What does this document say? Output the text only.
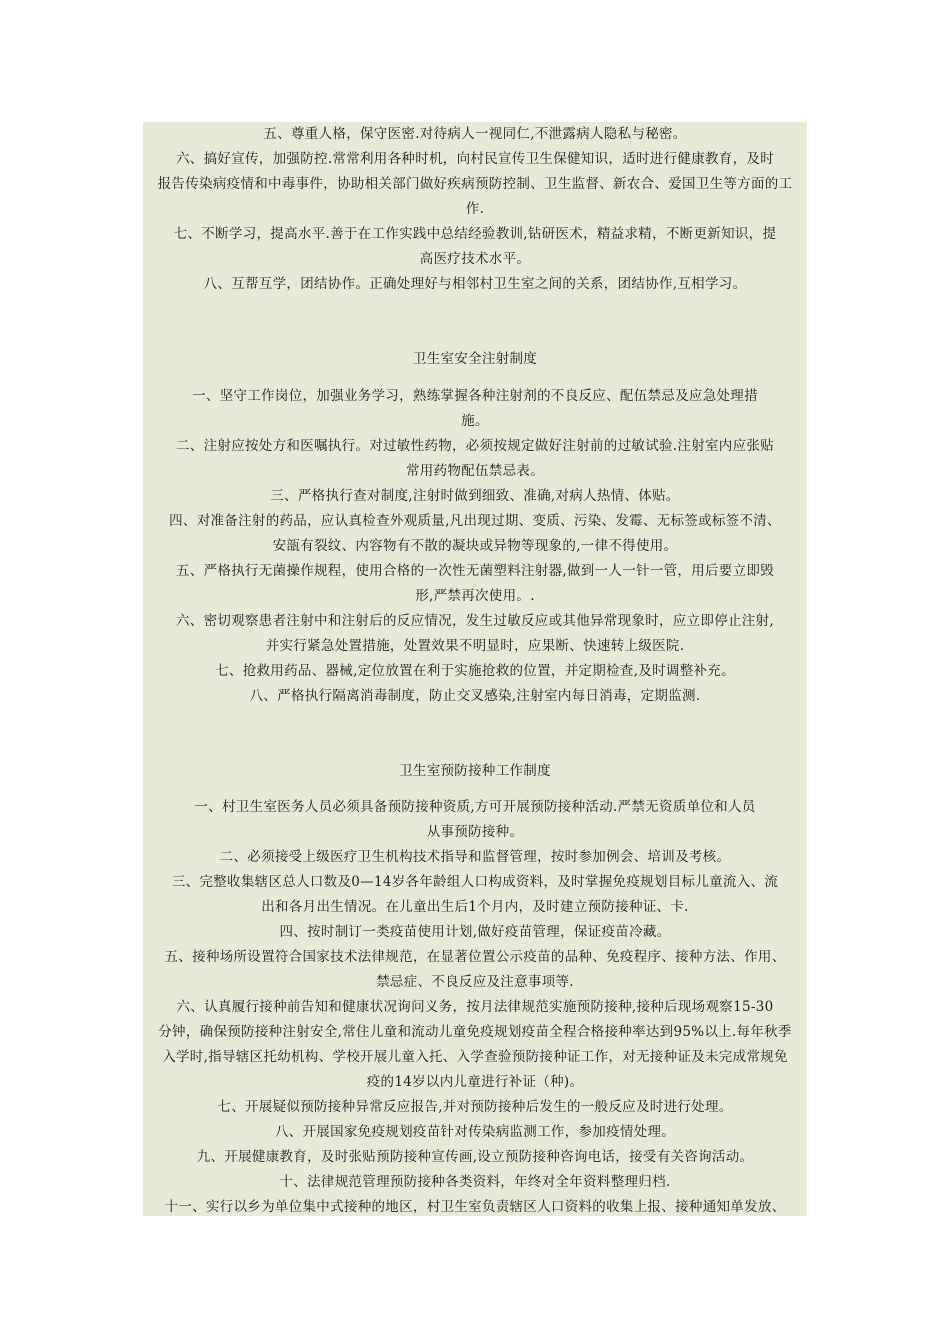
五、尊重人格，保守医密.对待病人一视同仁,不泄露病人隐私与秘密。

六、搞好宣传，加强防控.常常利用各种时机，向村民宣传卫生保健知识，适时进行健康教育，及时

报告传染病疫情和中毒事件，协助相关部门做好疾病预防控制、卫生监督、新农合、爱国卫生等方面的工

作.

七、不断学习，提高水平.善于在工作实践中总结经验教训,钻研医术，精益求精，不断更新知识，提

高医疗技术水平。

八、互帮互学，团结协作。正确处理好与相邻村卫生室之间的关系，团结协作,互相学习。

卫生室安全注射制度

一、坚守工作岗位，加强业务学习，熟练掌握各种注射剂的不良反应、配伍禁忌及应急处理措

施。

二、注射应按处方和医嘱执行。对过敏性药物，必须按规定做好注射前的过敏试验.注射室内应张贴

常用药物配伍禁忌表。

三、严格执行查对制度,注射时做到细致、准确,对病人热情、体贴。

四、对准备注射的药品，应认真检查外观质量,凡出现过期、变质、污染、发霉、无标签或标签不清、

安瓿有裂纹、内容物有不散的凝块或异物等现象的,一律不得使用。

五、严格执行无菌操作规程，使用合格的一次性无菌塑料注射器,做到一人一针一管，用后要立即毁

形,严禁再次使用。.

六、密切观察患者注射中和注射后的反应情况，发生过敏反应或其他异常现象时，应立即停止注射,

并实行紧急处置措施，处置效果不明显时，应果断、快速转上级医院.

七、抢救用药品、器械,定位放置在利于实施抢救的位置，并定期检查,及时调整补充。

八、严格执行隔离消毒制度，防止交叉感染,注射室内每日消毒，定期监测.

卫生室预防接种工作制度

一、村卫生室医务人员必须具备预防接种资质,方可开展预防接种活动.严禁无资质单位和人员

从事预防接种。

二、必须接受上级医疗卫生机构技术指导和监督管理，按时参加例会、培训及考核。

三、完整收集辖区总人口数及0—14岁各年龄组人口构成资料，及时掌握免疫规划目标儿童流入、流

出和各月出生情况。在儿童出生后1个月内，及时建立预防接种证、卡.

四、按时制订一类疫苗使用计划,做好疫苗管理，保证疫苗冷藏。

五、接种场所设置符合国家技术法律规范，在显著位置公示疫苗的品种、免疫程序、接种方法、作用、

禁忌症、不良反应及注意事项等.

六、认真履行接种前告知和健康状况询问义务，按月法律规范实施预防接种,接种后现场观察15-30

分钟，确保预防接种注射安全,常住儿童和流动儿童免疫规划疫苗全程合格接种率达到95%以上.每年秋季

入学时,指导辖区托幼机构、学校开展儿童入托、入学查验预防接种证工作，对无接种证及未完成常规免

疫的14岁以内儿童进行补证（种)。

七、开展疑似预防接种异常反应报告,并对预防接种后发生的一般反应及时进行处理。

八、开展国家免疫规划疫苗针对传染病监测工作，参加疫情处理。

九、开展健康教育，及时张贴预防接种宣传画,设立预防接种咨询电话，接受有关咨询活动。

十、法律规范管理预防接种各类资料，年终对全年资料整理归档.

十一、实行以乡为单位集中式接种的地区，村卫生室负责辖区人口资料的收集上报、接种通知单发放、
